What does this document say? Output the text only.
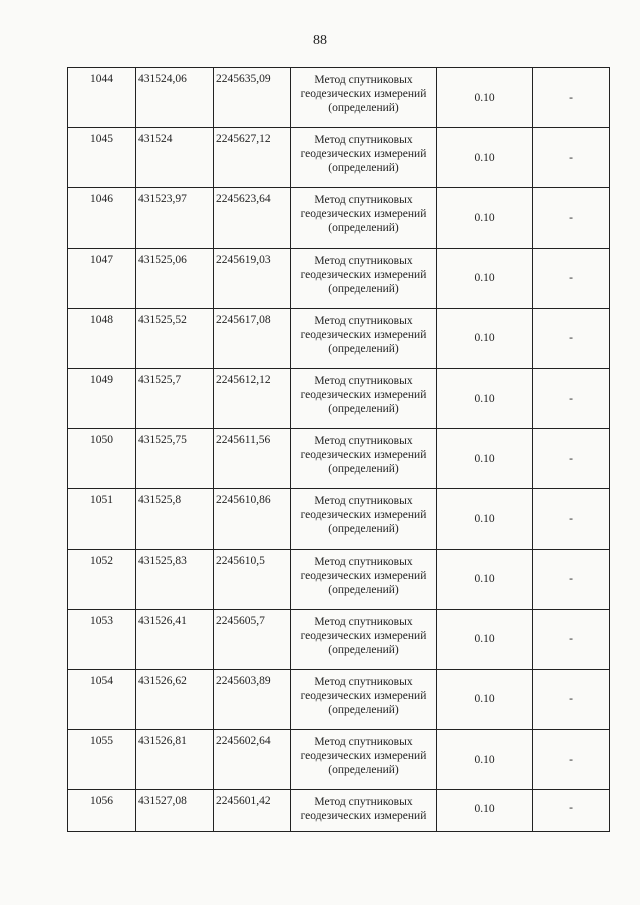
88
1044	431524,06	2245635,09	Метод спутниковых
геодезических измерений
(определений)	0.10	-
1045	431524	2245627,12	Метод спутниковых
геодезических измерений
(определений)	0.10	-
1046	431523,97	2245623,64	Метод спутниковых
геодезических измерений
(определений)	0.10	-
1047	431525,06	2245619,03	Метод спутниковых
геодезических измерений
(определений)	0.10	-
1048	431525,52	2245617,08	Метод спутниковых
геодезических измерений
(определений)	0.10	-
1049	431525,7	2245612,12	Метод спутниковых
геодезических измерений
(определений)	0.10	-
1050	431525,75	2245611,56	Метод спутниковых
геодезических измерений
(определений)	0.10	-
1051	431525,8	2245610,86	Метод спутниковых
геодезических измерений
(определений)	0.10	-
1052	431525,83	2245610,5	Метод спутниковых
геодезических измерений
(определений)	0.10	-
1053	431526,41	2245605,7	Метод спутниковых
геодезических измерений
(определений)	0.10	-
1054	431526,62	2245603,89	Метод спутниковых
геодезических измерений
(определений)	0.10	-
1055	431526,81	2245602,64	Метод спутниковых
геодезических измерений
(определений)	0.10	-
1056	431527,08	2245601,42	Метод спутниковых
геодезических измерений	0.10	-
